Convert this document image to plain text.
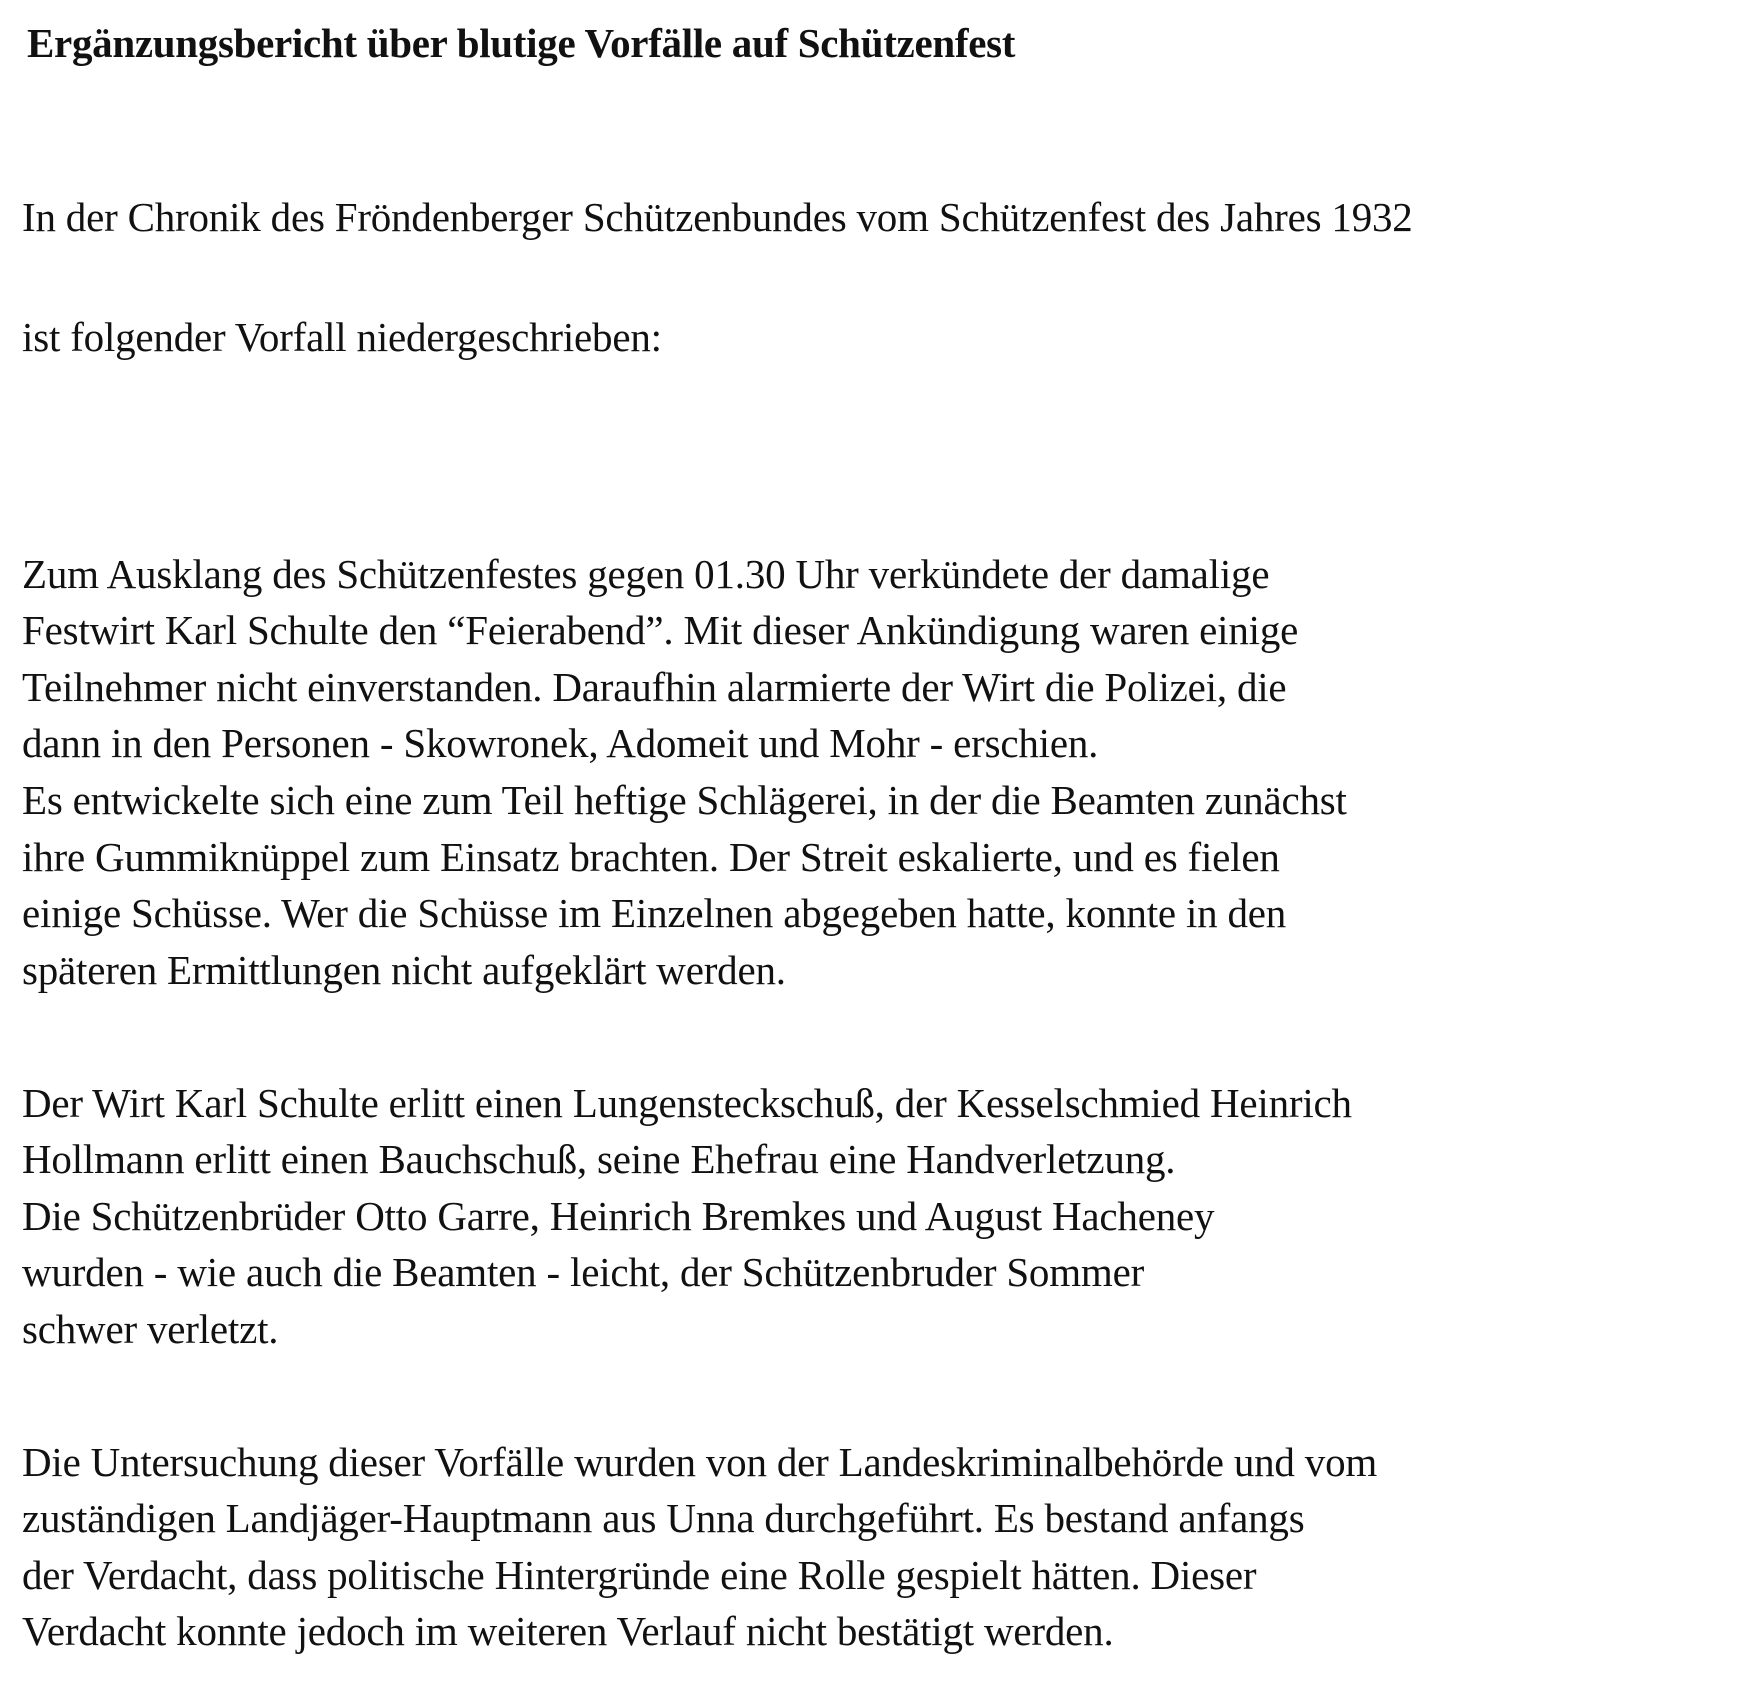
Ergänzungsbericht über blutige Vorfälle auf Schützenfest
In der Chronik des Fröndenberger Schützenbundes vom Schützenfest des Jahres 1932
ist folgender Vorfall niedergeschrieben:
Zum Ausklang des Schützenfestes gegen 01.30 Uhr verkündete der damalige
Festwirt Karl Schulte den “Feierabend”. Mit dieser Ankündigung waren einige
Teilnehmer nicht einverstanden. Daraufhin alarmierte der Wirt die Polizei, die
dann in den Personen - Skowronek, Adomeit und Mohr - erschien.
Es entwickelte sich eine zum Teil heftige Schlägerei, in der die Beamten zunächst
ihre Gummiknüppel zum Einsatz brachten. Der Streit eskalierte, und es fielen
einige Schüsse. Wer die Schüsse im Einzelnen abgegeben hatte, konnte in den
späteren Ermittlungen nicht aufgeklärt werden.
Der Wirt Karl Schulte erlitt einen Lungensteckschuß, der Kesselschmied Heinrich
Hollmann erlitt einen Bauchschuß, seine Ehefrau eine Handverletzung.
Die Schützenbrüder Otto Garre, Heinrich Bremkes und August Hacheney
wurden - wie auch die Beamten - leicht, der Schützenbruder Sommer
schwer verletzt.
Die Untersuchung dieser Vorfälle wurden von der Landeskriminalbehörde und vom
zuständigen Landjäger-Hauptmann aus Unna durchgeführt. Es bestand anfangs
der Verdacht, dass politische Hintergründe eine Rolle gespielt hätten. Dieser
Verdacht konnte jedoch im weiteren Verlauf nicht bestätigt werden.
